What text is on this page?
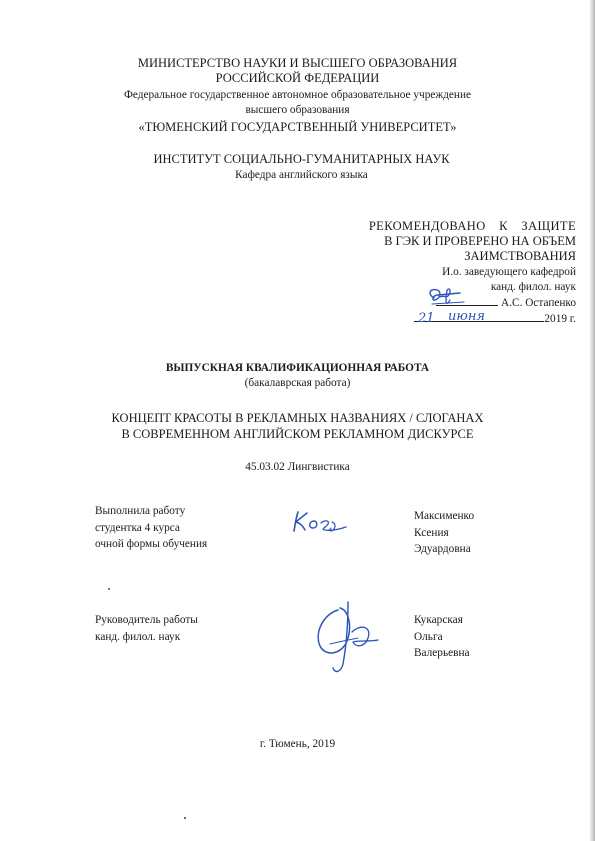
МИНИСТЕРСТВО НАУКИ И ВЫСШЕГО ОБРАЗОВАНИЯ
РОССИЙСКОЙ ФЕДЕРАЦИИ
Федеральное государственное автономное образовательное учреждение
высшего образования
«ТЮМЕНСКИЙ ГОСУДАРСТВЕННЫЙ УНИВЕРСИТЕТ»
ИНСТИТУТ СОЦИАЛЬНО-ГУМАНИТАРНЫХ НАУК
Кафедра английского языка
РЕКОМЕНДОВАНО К ЗАЩИТЕ
В ГЭК И ПРОВЕРЕНО НА ОБЪЕМ
ЗАИМСТВОВАНИЯ
И.о. заведующего кафедрой
канд. филол. наук
А.С. Остапенко
2019 г.
21 июня
ВЫПУСКНАЯ КВАЛИФИКАЦИОННАЯ РАБОТА
(бакалаврская работа)
КОНЦЕПТ КРАСОТЫ В РЕКЛАМНЫХ НАЗВАНИЯХ / СЛОГАНАХ
В СОВРЕМЕННОМ АНГЛИЙСКОМ РЕКЛАМНОМ ДИСКУРСЕ
45.03.02 Лингвистика
Выполнила работу
студентка 4 курса
очной формы обучения
Максименко
Ксения
Эдуардовна
Руководитель работы
канд. филол. наук
Кукарская
Ольга
Валерьевна
г. Тюмень, 2019
